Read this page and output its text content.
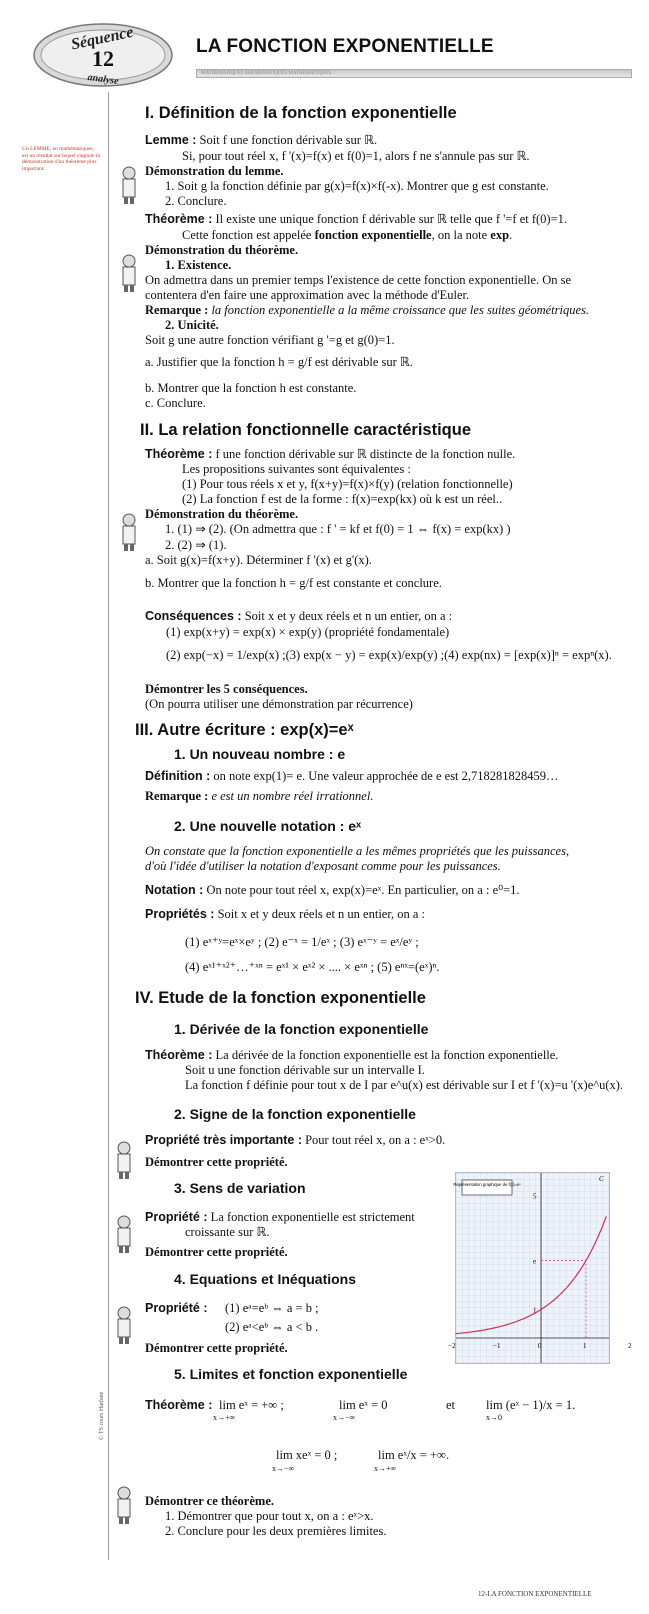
Séquence
12
analyse
LA FONCTION EXPONENTIELLE
MATHEMATIQUES MATHEMATIQUES MATHEMATIQUES
Un LEMME, en mathématiques, est un résultat sur lequel s'appuie la démonstration d'un théorème plus important.
© TS cours Harfane
I. Définition de la fonction exponentielle
Lemme : Soit f une fonction dérivable sur ℝ.
Si, pour tout réel x, f '(x)=f(x) et f(0)=1, alors f ne s'annule pas sur ℝ.
Démonstration du lemme.
1. Soit g la fonction définie par g(x)=f(x)×f(-x). Montrer que g est constante.
2. Conclure.
Théorème : Il existe une unique fonction f dérivable sur ℝ telle que f '=f et f(0)=1.
Cette fonction est appelée fonction exponentielle, on la note exp.
Démonstration du théorème.
1. Existence.
On admettra dans un premier temps l'existence de cette fonction exponentielle. On se
contentera d'en faire une approximation avec la méthode d'Euler.
Remarque : la fonction exponentielle a la même croissance que les suites géométriques.
2. Unicité.
Soit g une autre fonction vérifiant g '=g et g(0)=1.
a. Justifier que la fonction h = g/f est dérivable sur ℝ.
b. Montrer que la fonction h est constante.
c. Conclure.
II. La relation fonctionnelle caractéristique
Théorème : f une fonction dérivable sur ℝ distincte de la fonction nulle.
Les propositions suivantes sont équivalentes :
(1) Pour tous réels x et y, f(x+y)=f(x)×f(y) (relation fonctionnelle)
(2) La fonction f est de la forme : f(x)=exp(kx) où k est un réel..
Démonstration du théorème.
1. (1) ⇒ (2). (On admettra que : f ' = kf et f(0) = 1 ⇔ f(x) = exp(kx) )
2. (2) ⇒ (1).
a. Soit g(x)=f(x+y). Déterminer f '(x) et g'(x).
b. Montrer que la fonction h = g/f est constante et conclure.
Conséquences : Soit x et y deux réels et n un entier, on a :
(1) exp(x+y) = exp(x) × exp(y) (propriété fondamentale)
(2) exp(−x) = 1/exp(x) ;(3) exp(x − y) = exp(x)/exp(y) ;(4) exp(nx) = [exp(x)]ⁿ = expⁿ(x).
Démontrer les 5 conséquences.
(On pourra utiliser une démonstration par récurrence)
III. Autre écriture : exp(x)=eˣ
1. Un nouveau nombre : e
Définition : on note exp(1)= e. Une valeur approchée de e est 2,718281828459…
Remarque : e est un nombre réel irrationnel.
2. Une nouvelle notation : eˣ
On constate que la fonction exponentielle a les mêmes propriétés que les puissances,
d'où l'idée d'utiliser la notation d'exposant comme pour les puissances.
Notation : On note pour tout réel x, exp(x)=eˣ. En particulier, on a : e⁰=1.
Propriétés : Soit x et y deux réels et n un entier, on a :
(1) eˣ⁺ʸ=eˣ×eʸ ; (2) e⁻ˣ = 1/eˣ ; (3) eˣ⁻ʸ = eˣ/eʸ ;
(4) eˣ¹⁺ˣ²⁺…⁺ˣⁿ = eˣ¹ × eˣ² × .... × eˣⁿ ; (5) eⁿˣ=(eˣ)ⁿ.
IV. Etude de la fonction exponentielle
1. Dérivée de la fonction exponentielle
Théorème : La dérivée de la fonction exponentielle est la fonction exponentielle.
Soit u une fonction dérivable sur un intervalle I.
La fonction f définie pour tout x de I par e^u(x) est dérivable sur I et f '(x)=u '(x)e^u(x).
2. Signe de la fonction exponentielle
Propriété très importante : Pour tout réel x, on a : eˣ>0.
Démontrer cette propriété.
3. Sens de variation
Propriété : La fonction exponentielle est strictement
croissante sur ℝ.
Démontrer cette propriété.
4. Equations et Inéquations
Propriété : (1) eᵃ=eᵇ ⇔ a = b ;
(2) eᵃ<eᵇ ⇔ a < b .
Démontrer cette propriété.
5. Limites et fonction exponentielle
Théorème : lim eˣ = +∞ ;
x→+∞
lim eˣ = 0
x→−∞
et lim (eˣ − 1)/x = 1.
x→0
lim xeˣ = 0 ;
x→−∞
lim eˣ/x = +∞.
x→+∞
Démontrer ce théorème.
1. Démontrer que pour tout x, on a : eˣ>x.
2. Conclure pour les deux premières limites.
Représentation graphique de f(x)=eˣ
−2	−1	0	1	2
5
e
1
C
12-LA FONCTION EXPONENTIELLE
